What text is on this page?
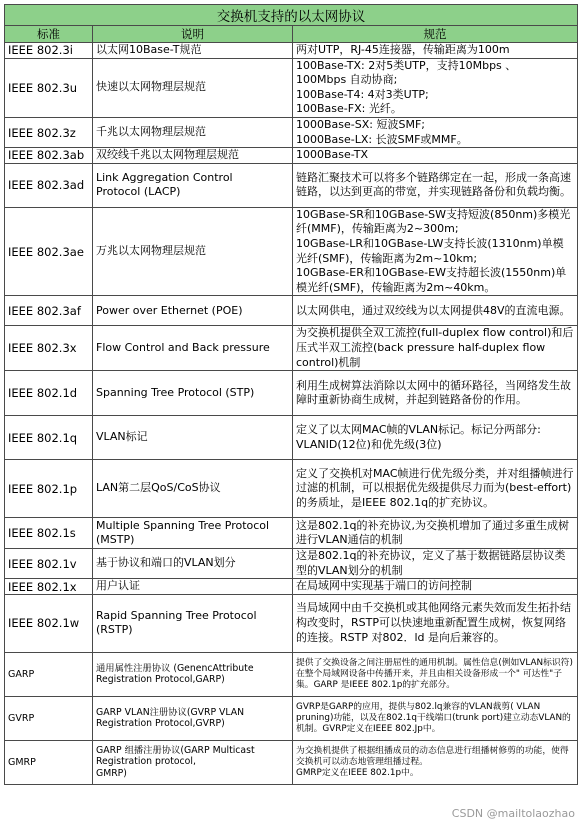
交换机支持的以太网协议		
标准	说明	规范
IEEE 802.3i	以太网10Base-T规范	两对UTP，RJ-45连接器，传输距离为100m
IEEE 802.3u	快速以太网物理层规范	100Base-TX: 2对5类UTP，支持10Mbps 、
100Mbps 自动协商;
100Base-T4: 4对3类UTP;
100Base-FX: 光纤。
IEEE 802.3z	千兆以太网物理层规范	1000Base-SX: 短波SMF;
1000Base-LX: 长波SMF或MMF。
IEEE 802.3ab	双绞线千兆以太网物理层规范	1000Base-TX
IEEE 802.3ad	Link Aggregation Control
Protocol (LACP)	链路汇聚技术可以将多个链路绑定在一起，形成一条高速链路，以达到更高的带宽，并实现链路备份和负载均衡。
IEEE 802.3ae	万兆以太网物理层规范	10GBase-SR和10GBase-SW支持短波(850nm)多模光纤(MMF)，传输距离为2~300m;
10GBase-LR和10GBase-LW支持长波(1310nm)单模光纤(SMF)，传输距离为2m~10km;
10GBase-ER和10GBase-EW支持超长波(1550nm)单模光纤(SMF)，传输距离为2m~40km。
IEEE 802.3af	Power over Ethernet (POE)	以太网供电，通过双绞线为以太网提供48V的直流电源。
IEEE 802.3x	Flow Control and Back pressure	为交换机提供全双工流控(full-duplex flow control)和后压式半双工流控(back pressure half-duplex flow control)机制
IEEE 802.1d	Spanning Tree Protocol (STP)	利用生成树算法消除以太网中的循环路径，当网络发生故障时重新协商生成树，并起到链路备份的作用。
IEEE 802.1q	VLAN标记	定义了以太网MAC帧的VLAN标记。标记分两部分:
VLANID(12位)和优先级(3位)
IEEE 802.1p	LAN第二层QoS/CoS协议	定义了交换机对MAC帧进行优先级分类，并对组播帧进行过滤的机制，可以根据优先级提供尽力而为(best-effort)的务质址，是IEEE 802.1q的扩充协议。
IEEE 802.1s	Multiple Spanning Tree Protocol
(MSTP)	这是802.1q的补充协议,为交换机增加了通过多重生成树进行VLAN通信的机制
IEEE 802.1v	基于协议和端口的VLAN划分	这是802.1q的补充协议，定义了基于数据链路层协议类型的VLAN划分的机制
IEEE 802.1x	用户认证	在局域网中实现基于端口的访问控制
IEEE 802.1w	Rapid Spanning Tree Protocol
(RSTP)	当局域网中由千交换机或其他网络元素失效而发生拓扑结构改变时，RSTP可以快速地重新配置生成树，恢复网络的连接。RSTP 对802．ld 是向后兼容的。
GARP	通用属性注册协议 (GenencAttribute
Registration Protocol,GARP)	提供了交换设备之间注册屈性的通用机制。属性信息(例如VLAN标识符)在整个局域网设备中传播开来，并且由相关设备形成一个" 可达性"子集。GARP 是IEEE 802.1p的扩充部分。
GVRP	GARP VLAN注册协议(GVRP VLAN
Registration Protocol,GVRP)	GVRP是GARP的应用，提供与802.lq兼容的VLAN裁剪( VLAN pruning)功能，以及在802.1q干线端口(trunk port)建立动态VLAN的机制。GVRP定义在IEEE 802.Jp中。
GMRP	GARP 组播注册协议(GARP Multicast
Registration protocol,
GMRP)	为交换机提供了根据组播成员的动态信息进行组播树修剪的功能，使得交换机可以动态地管理组播过程。
GMRP定义在IEEE 802.1p中。
CSDN @mailtolaozhao
